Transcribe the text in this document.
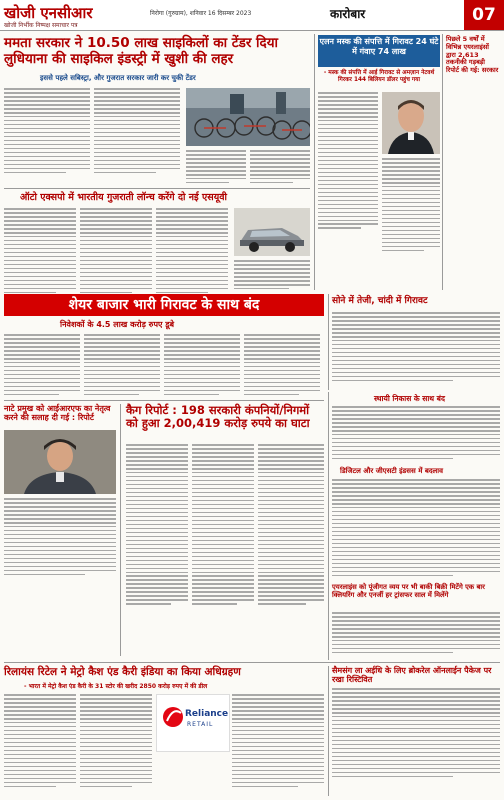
खोजी एनसीआर
खोजी निर्भीक निष्पक्ष समाचार पत्र
निरोगा (गुरुग्राम), शनिवार 16 दिसम्बर 2023	कारोबार	07
ममता सरकार ने 10.50 लाख साइकिलों का टेंडर दिया लुधियाना की साइकिल इंडस्ट्री में खुशी की लहर
इससे पहले सबिस्ट्रा, और गुजरात सरकार जारी कर चुकी टेंडर
ऑटो एक्सपो में भारतीय गुजराती लॉन्च करेंगे दो नई एसयूवी
एलन मस्क की संपत्ति में गिरावट 24 घंटे में गंवाए 74 लाख
- मस्क की संपत्ति में आई गिरावट से अमज़ान नेटवर्थ गिरकर 144 बिलियन डॉलर पहुंच गया
शेयर बाजार भारी गिरावट के साथ बंद
निवेशकों के 4.5 लाख करोड़ रुपए डूबे
सोने में तेजी, चांदी में गिरावट
स्थायी निकास के साथ बंद
डिजिटल और जीएसटी इंडसस में बदलाव
एयरलाइंस को पूंजीगत व्यय पर भी बाकी बिक्री मिटेंगे एक बार क्लियरिंग और एनर्जी हर ट्रांसफर साल में मिलेंगे
नाटे प्रमुख को आईआरएफ का नेतृत्व करने की सलाह दी गई : रिपोर्ट
कैग रिपोर्ट : 198 सरकारी कंपनियों/निगमों को हुआ 2,00,419 करोड़ रुपये का घाटा
रिलायंस रिटेल ने मेट्रो कैश एंड कैरी इंडिया का किया अधिग्रहण
- भारत में मेट्रो कैश एंड कैरी के 31 स्टोर की खरीद 2850 करोड़ रुपए में की डील
Reliance
RETAIL
सैमसंग ला अईधि के लिए ब्रोकरेल ऑनलाईन पैकेज पर रखा रिस्टिवित
पिछले 5 वर्षों में विभिन्न एयरलाइंसों द्वारा 2,613 तकनीकी गड़बड़ी रिपोर्ट की गई: सरकार
